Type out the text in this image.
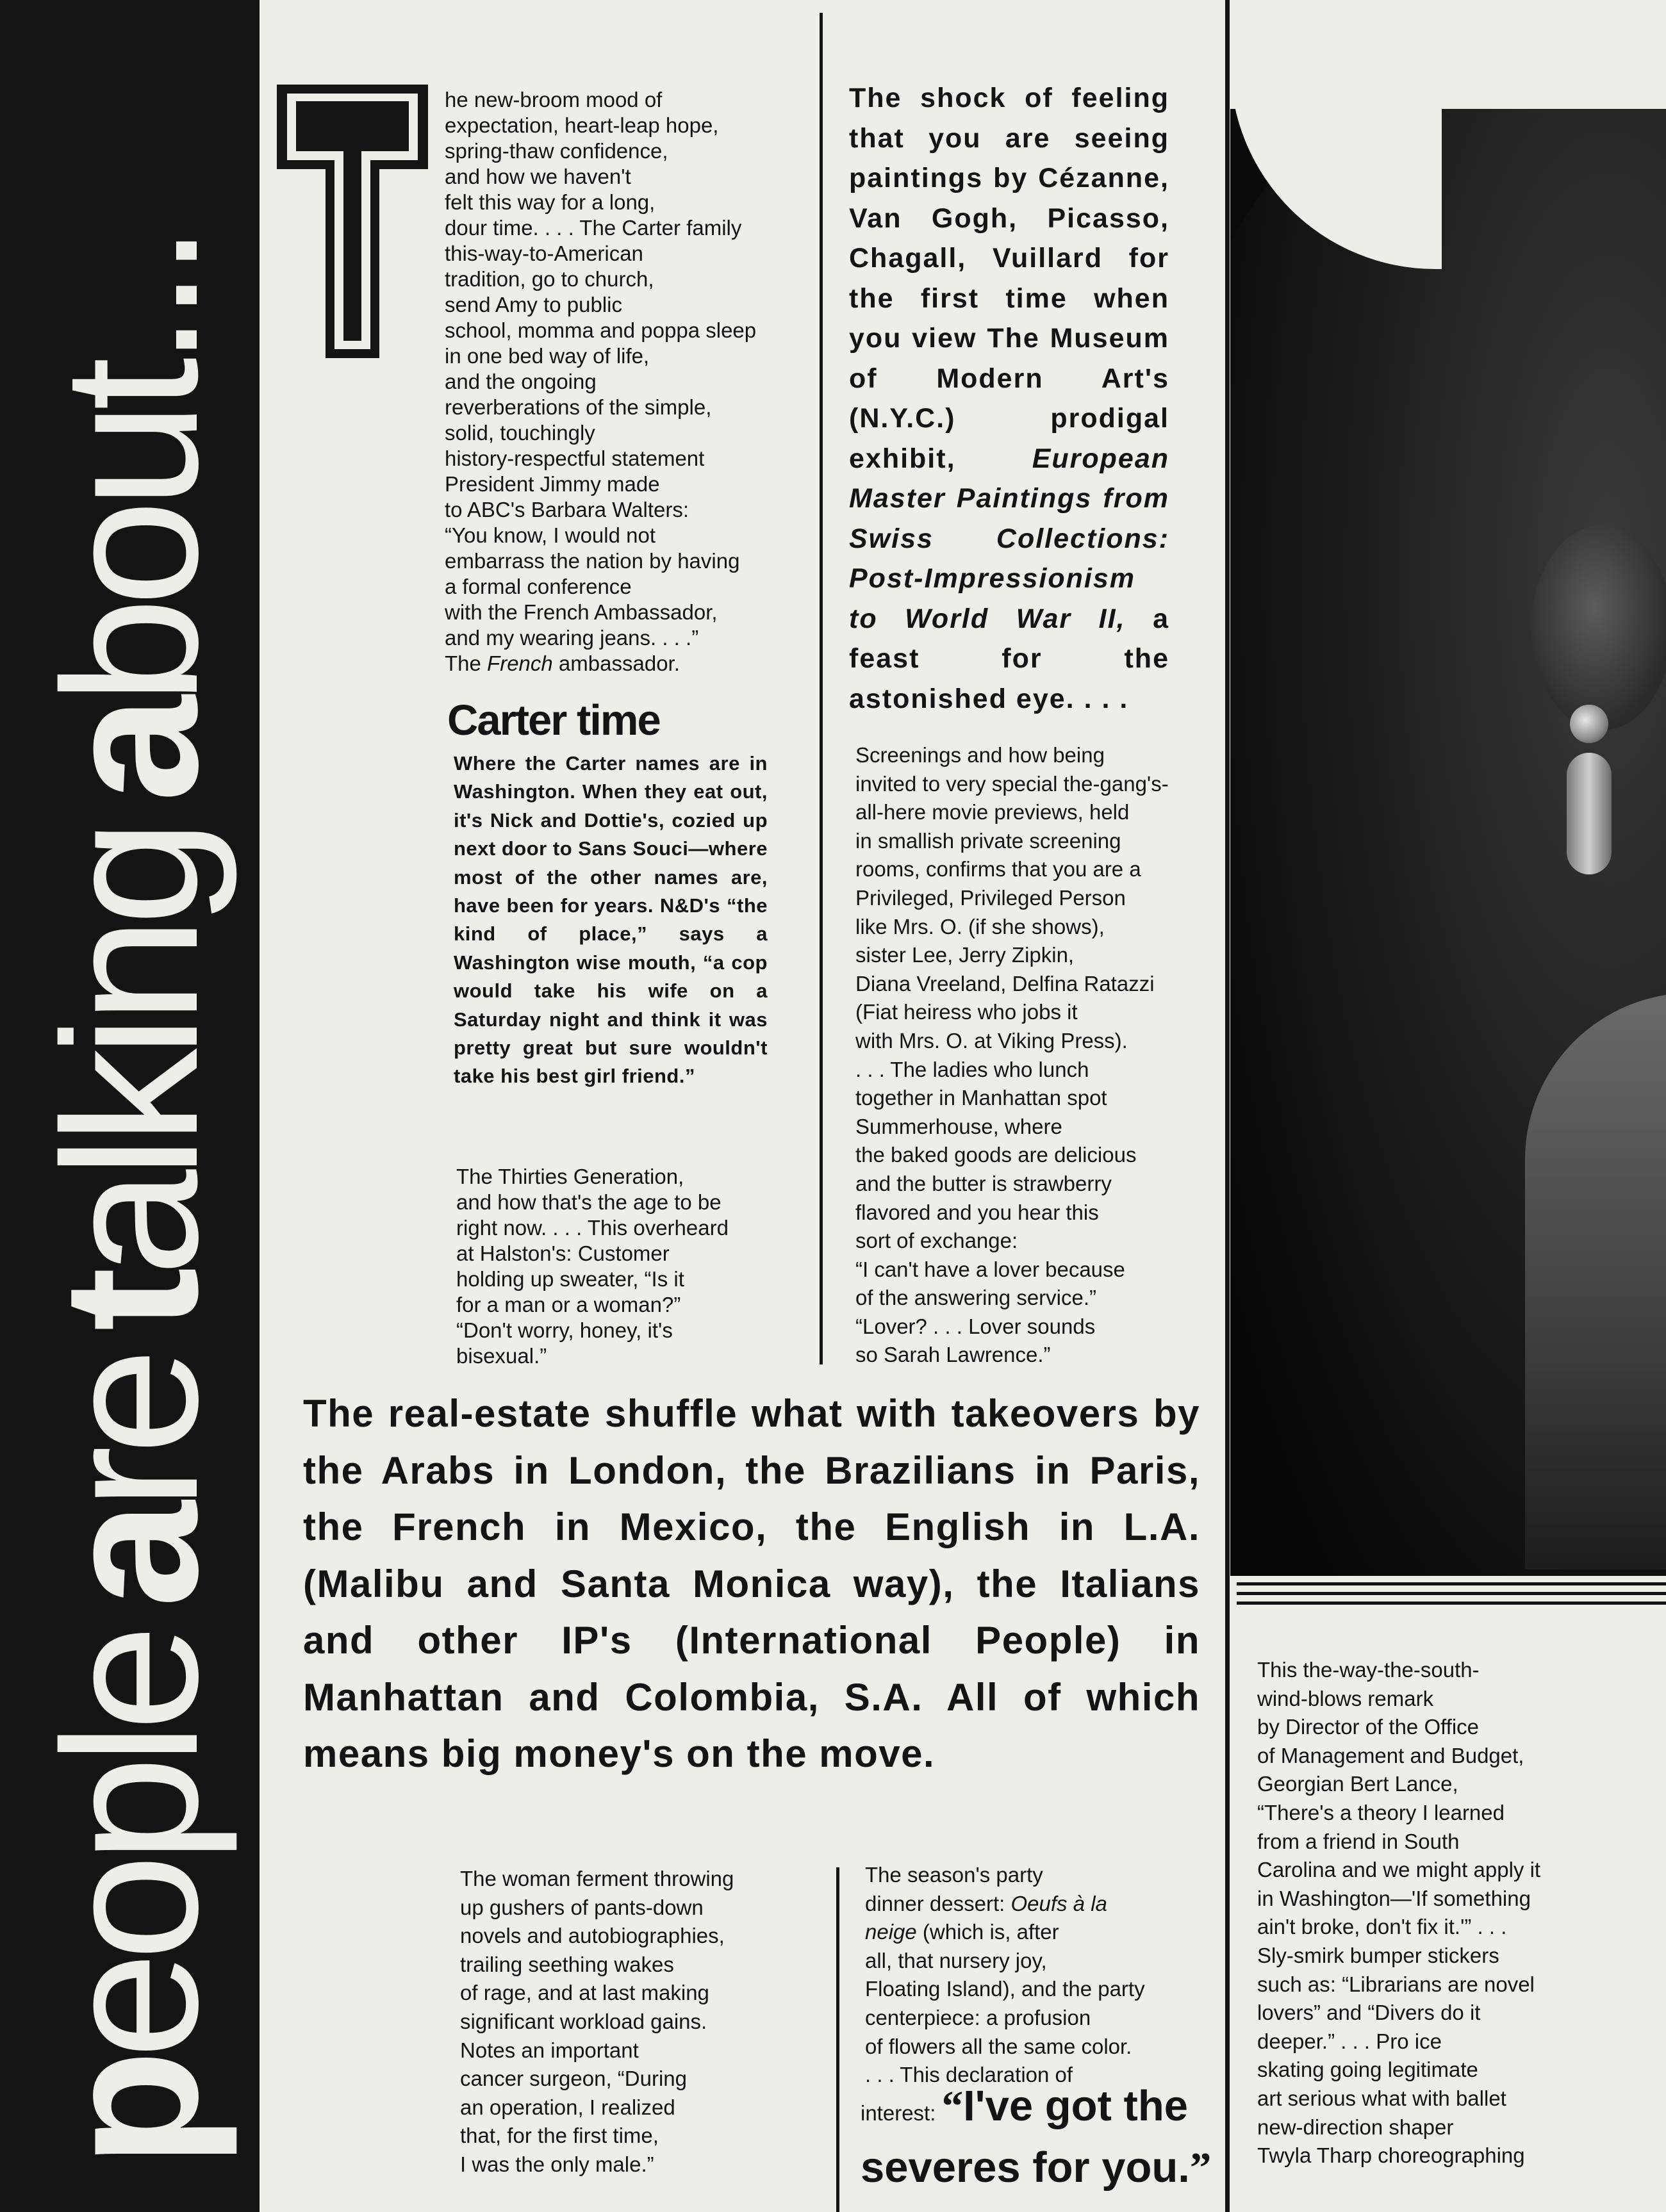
p
eople
a
re
t
alking
a
bout...

he new-broom mood of
expectation, heart-leap hope,
spring-thaw confidence,
and how we haven't
felt this way for a long,
dour time. . . . The Carter family
this-way-to-American
tradition, go to church,
send Amy to public
school, momma and poppa sleep
in one bed way of life,
and the ongoing
reverberations of the simple,
solid, touchingly
history-respectful statement
President Jimmy made
to ABC's Barbara Walters:
“You know, I would not
embarrass the nation by having
a formal conference
with the French Ambassador,
and my wearing jeans. . . .”
The French ambassador.

Carter time

Where the Carter names are in Washington. When they eat out, it's Nick and Dottie's, cozied up next door to Sans Souci—where most of the other names are, have been for years. N&D's “the kind of place,” says a Washington wise mouth, “a cop would take his wife on a Saturday night and think it was pretty great but sure wouldn't take his best girl friend.”

The Thirties Generation,
and how that's the age to be
right now. . . . This overheard
at Halston's: Customer
holding up sweater, “Is it
for a man or a woman?”
“Don't worry, honey, it's
bisexual.”

The shock of feeling that you are seeing paintings by Cézanne, Van Gogh, Picasso, Chagall, Vuillard for the first time when you view The Museum of Modern Art's (N.Y.C.) prodigal exhibit,	European Master Paintings from Swiss Collections: Post-Impressionism to World War II, a feast for the astonished eye. . . .

Screenings and how being
invited to very special the-gang's-
all-here movie previews, held
in smallish private screening
rooms, confirms that you are a
Privileged, Privileged Person
like Mrs. O. (if she shows),
sister Lee, Jerry Zipkin,
Diana Vreeland, Delfina Ratazzi
(Fiat heiress who jobs it
with Mrs. O. at Viking Press).
. . . The ladies who lunch
together in Manhattan spot
Summerhouse, where
the baked goods are delicious
and the butter is strawberry
flavored and you hear this
sort of exchange:
“I can't have a lover because
of the answering service.”
“Lover? . . . Lover sounds
so Sarah Lawrence.”

The real-estate shuffle what with takeovers by the Arabs in London, the Brazilians in Paris, the French in Mexico, the English in L.A. (Malibu and Santa Monica way), the Italians and other IP's (International People) in Manhattan and Colombia, S.A. All of which means big money's on the move.

The woman ferment throwing
up gushers of pants-down
novels and autobiographies,
trailing seething wakes
of rage, and at last making
significant workload gains.
Notes an important
cancer surgeon, “During
an operation, I realized
that, for the first time,
I was the only male.”

The season's party
dinner dessert: Oeufs à la
neige (which is, after
all, that nursery joy,
Floating Island), and the party
centerpiece: a profusion
of flowers all the same color.
. . . This declaration of

interest: “I've got the severes for you.”

This the-way-the-south-
wind-blows remark
by Director of the Office
of Management and Budget,
Georgian Bert Lance,
“There's a theory I learned
from a friend in South
Carolina and we might apply it
in Washington—'If something
ain't broke, don't fix it.'” . . .
Sly-smirk bumper stickers
such as: “Librarians are novel
lovers” and “Divers do it
deeper.” . . . Pro ice
skating going legitimate
art serious what with ballet
new-direction shaper
Twyla Tharp choreographing
